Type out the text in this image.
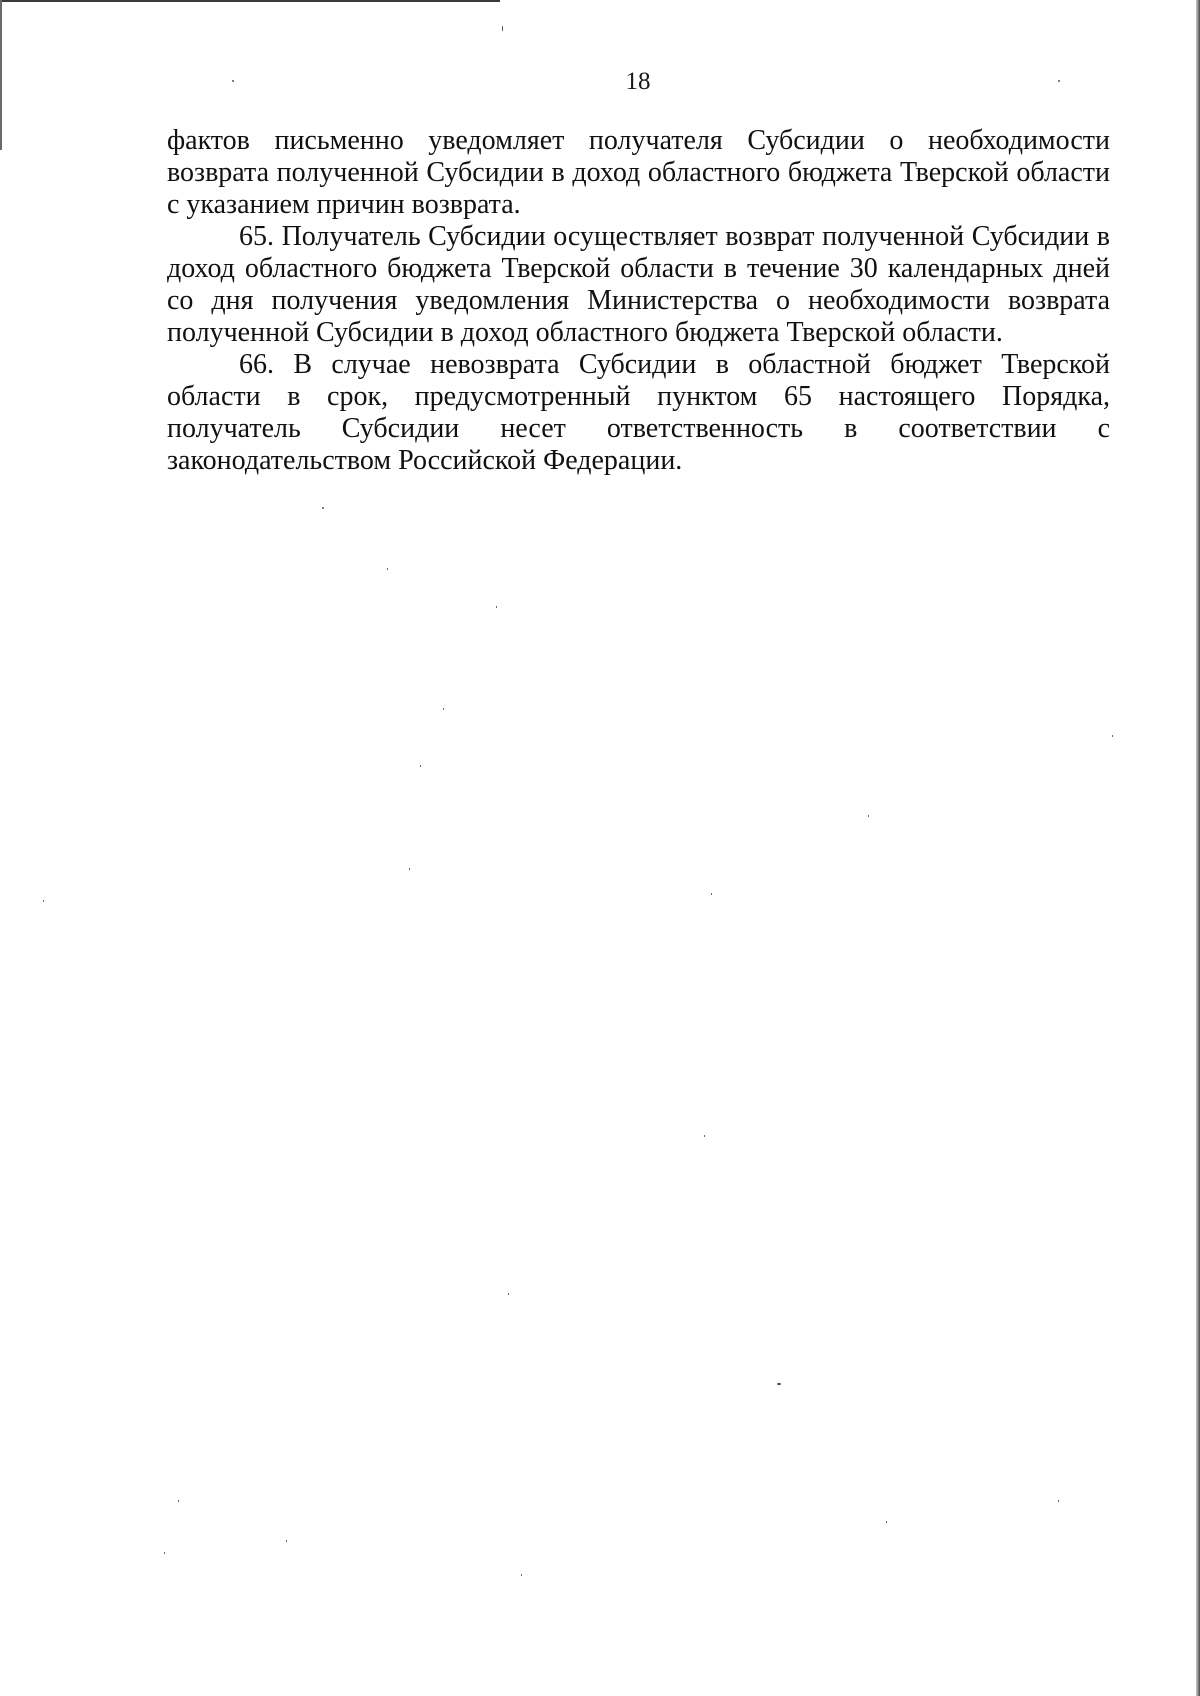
18

фактов письменно уведомляет получателя Субсидии о необходимости возврата полученной Субсидии в доход областного бюджета Тверской области с указанием причин возврата.

65. Получатель Субсидии осуществляет возврат полученной Субсидии в доход областного бюджета Тверской области в течение 30 календарных дней со дня получения уведомления Министерства о необходимости возврата полученной Субсидии в доход областного бюджета Тверской области.

66. В случае невозврата Субсидии в областной бюджет Тверской области в срок, предусмотренный пунктом 65 настоящего Порядка, получатель Субсидии несет ответственность в соответствии с законодательством Российской Федерации.
